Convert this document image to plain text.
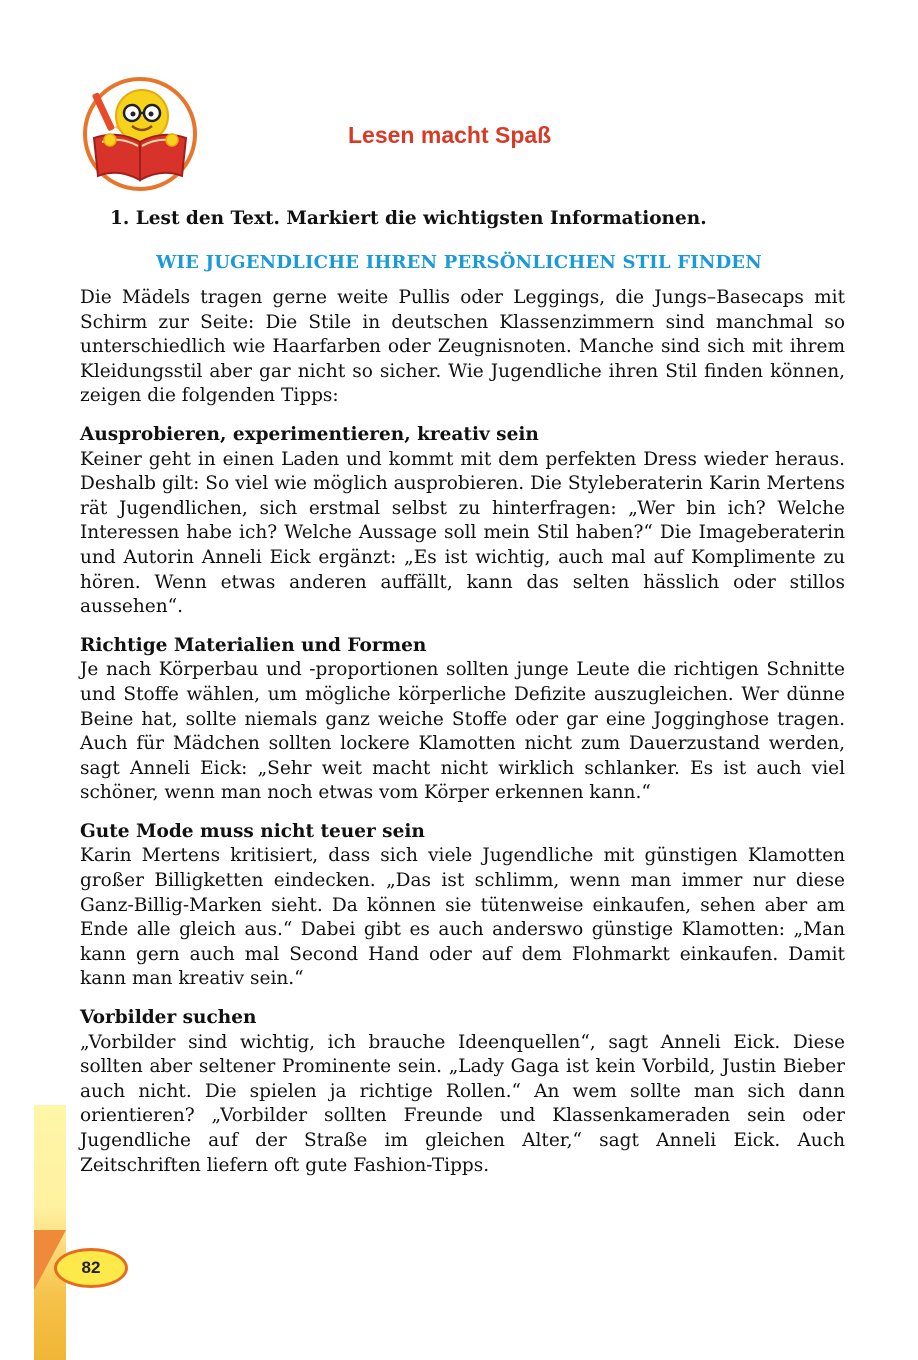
Lesen macht Spaß

1. Lest den Text. Markiert die wichtigsten Informationen.

WIE JUGENDLICHE IHREN PERSÖNLICHEN STIL FINDEN

Die Mädels tragen gerne weite Pullis oder Leggings, die Jungs–Basecaps mit Schirm zur Seite: Die Stile in deutschen Klassenzimmern sind manchmal so unterschiedlich wie Haarfarben oder Zeugnisnoten. Manche sind sich mit ihrem Kleidungsstil aber gar nicht so sicher. Wie Jugendliche ihren Stil finden können, zeigen die folgenden Tipps:

Ausprobieren, experimentieren, kreativ sein

Keiner geht in einen Laden und kommt mit dem perfekten Dress wieder heraus. Deshalb gilt: So viel wie möglich ausprobieren. Die Styleberaterin Karin Mertens rät Jugendlichen, sich erstmal selbst zu hinterfragen: „Wer bin ich? Welche Interessen habe ich? Welche Aussage soll mein Stil haben?“ Die Imageberaterin und Autorin Anneli Eick ergänzt: „Es ist wichtig, auch mal auf Komplimente zu hören. Wenn etwas anderen auffällt, kann das selten hässlich oder stillos aussehen“.

Richtige Materialien und Formen

Je nach Körperbau und -proportionen sollten junge Leute die richtigen Schnitte und Stoffe wählen, um mögliche körperliche Defizite auszugleichen. Wer dünne Beine hat, sollte niemals ganz weiche Stoffe oder gar eine Jogginghose tragen. Auch für Mädchen sollten lockere Klamotten nicht zum Dauerzustand werden, sagt Anneli Eick: „Sehr weit macht nicht wirklich schlanker. Es ist auch viel schöner, wenn man noch etwas vom Körper erkennen kann.“

Gute Mode muss nicht teuer sein

Karin Mertens kritisiert, dass sich viele Jugendliche mit günstigen Klamotten großer Billigketten eindecken. „Das ist schlimm, wenn man immer nur diese Ganz-Billig-Marken sieht. Da können sie tütenweise einkaufen, sehen aber am Ende alle gleich aus.“ Dabei gibt es auch anderswo günstige Klamotten: „Man kann gern auch mal Second Hand oder auf dem Flohmarkt einkaufen. Damit kann man kreativ sein.“

Vorbilder suchen

„Vorbilder sind wichtig, ich brauche Ideenquellen“, sagt Anneli Eick. Diese sollten aber seltener Prominente sein. „Lady Gaga ist kein Vorbild, Justin Bieber auch nicht. Die spielen ja richtige Rollen.“ An wem sollte man sich dann orientieren? „Vorbilder sollten Freunde und Klassenkameraden sein oder Jugendliche auf der Straße im gleichen Alter,“ sagt Anneli Eick. Auch Zeitschriften liefern oft gute Fashion-Tipps.

82
